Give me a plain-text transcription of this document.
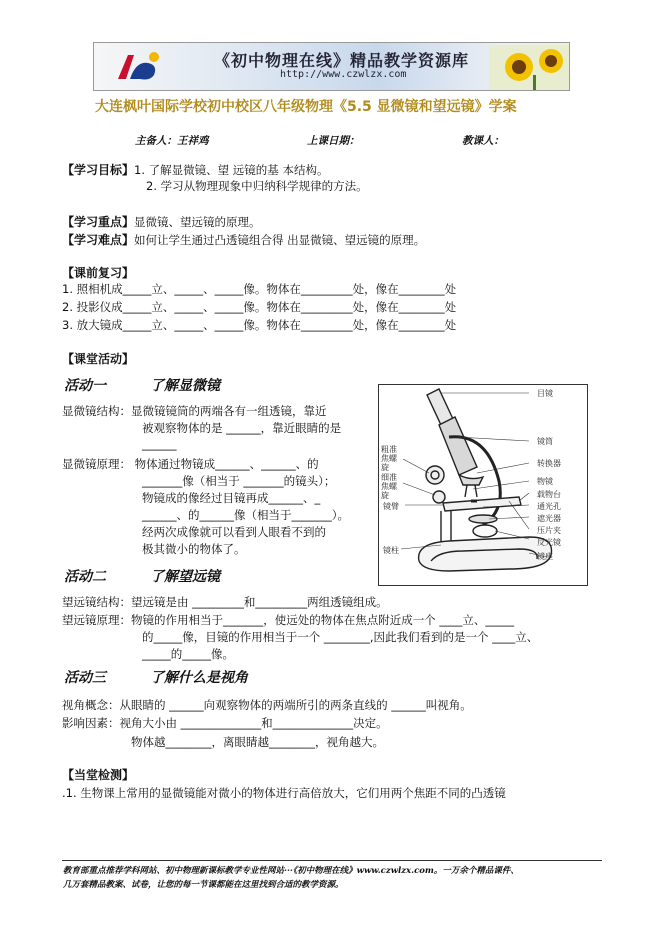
《初中物理在线》精品教学资源库
http://www.czwlzx.com
大连枫叶国际学校初中校区八年级物理《5.5 显微镜和望远镜》学案
主备人：王祥鸡	上课日期：	教课人：
【学习目标】1. 了解显微镜、望 远镜的基 本结构。
2. 学习从物理现象中归纳科学规律的方法。
【学习重点】显微镜、望远镜的原理。
【学习难点】如何让学生通过凸透镜组合得 出显微镜、望远镜的原理。
【课前复习】
1. 照相机成_____立、_____、_____像。物体在_________处，像在________处
2. 投影仪成_____立、_____、_____像。物体在_________处，像在________处
3. 放大镜成_____立、_____、_____像。物体在_________处，像在________处
【课堂活动】
活动一	了解显微镜
显微镜结构：显微镜镜筒的两端各有一组透镜，靠近
被观察物体的是 ______，靠近眼睛的是
______
显微镜原理： 物体通过物镜成______、______、的
_______像（相当于 _______的镜头）；
物镜成的像经过目镜再成______、_
______、的______像（相当于_______）。
经两次成像就可以看到人眼看不到的
极其微小的物体了。
目镜
镜筒
转换器
物镜
载物台
通光孔
遮光器
压片夹
反光镜
镜座
粗准焦螺旋
细准焦螺旋
镜臂
镜柱
活动二	了解望远镜
望远镜结构：望远镜是由 _________和_________两组透镜组成。
望远镜原理：物镜的作用相当于_______，使远处的物体在焦点附近成一个 ____立、_____
的_____像，目镜的作用相当于一个 ________,因此我们看到的是一个 ____立、
_____的_____像。
活动三	了解什么是视角
视角概念：从眼睛的 ______向观察物体的两端所引的两条直线的 ______叫视角。
影响因素：视角大小由 ______________和______________决定。
物体越________，离眼睛越________，视角越大。
【当堂检测】
.1. 生物课上常用的显微镜能对微小的物体进行高倍放大，它们用两个焦距不同的凸透镜
教育部重点推荐学科网站、初中物理新课标教学专业性网站···《初中物理在线》www.czwlzx.com。一万余个精品课件、
几万套精品教案、试卷，让您的每一节课都能在这里找到合适的教学资源。
